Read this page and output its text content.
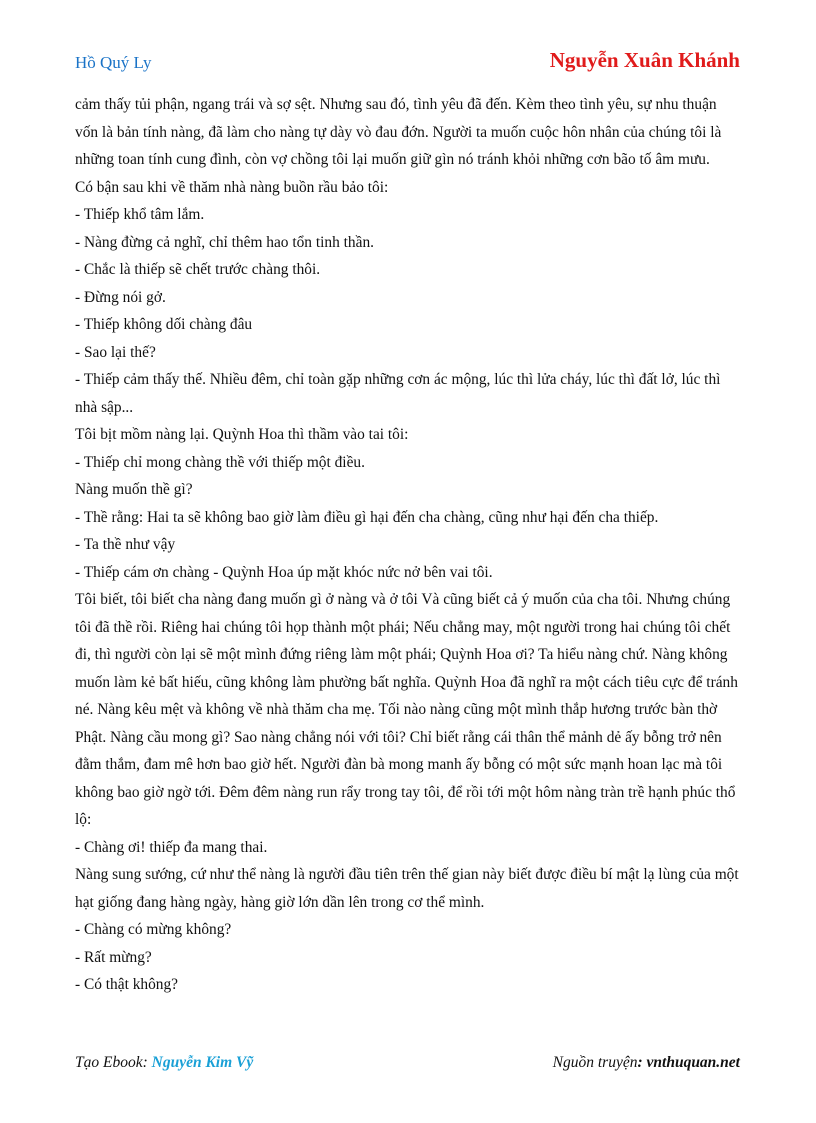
Hồ Quý Ly	Nguyễn Xuân Khánh

cảm thấy tủi phận, ngang trái và sợ sệt. Nhưng sau đó, tình yêu đã đến. Kèm theo tình yêu, sự nhu thuận vốn là bản tính nàng, đã làm cho nàng tự dày vò đau đớn. Người ta muốn cuộc hôn nhân của chúng tôi là những toan tính cung đình, còn vợ chồng tôi lại muốn giữ gìn nó tránh khỏi những cơn bão tố âm mưu.

Có bận sau khi về thăm nhà nàng buồn rầu bảo tôi:

- Thiếp khổ tâm lắm.

- Nàng đừng cả nghĩ, chỉ thêm hao tổn tinh thần.

- Chắc là thiếp sẽ chết trước chàng thôi.

- Đừng nói gở.

- Thiếp không dối chàng đâu

- Sao lại thế?

- Thiếp cảm thấy thế. Nhiều đêm, chỉ toàn gặp những cơn ác mộng, lúc thì lửa cháy, lúc thì đất lở, lúc thì nhà sập...

Tôi bịt mồm nàng lại. Quỳnh Hoa thì thầm vào tai tôi:

- Thiếp chỉ mong chàng thề với thiếp một điều.

Nàng muốn thề gì?

- Thề rằng: Hai ta sẽ không bao giờ làm điều gì hại đến cha chàng, cũng như hại đến cha thiếp.

- Ta thề như vậy

- Thiếp cám ơn chàng - Quỳnh Hoa úp mặt khóc nức nở bên vai tôi.

Tôi biết, tôi biết cha nàng đang muốn gì ở nàng và ở tôi Và cũng biết cả ý muốn của cha tôi. Nhưng chúng tôi đã thề rồi. Riêng hai chúng tôi họp thành một phái; Nếu chẳng may, một người trong hai chúng tôi chết đi, thì người còn lại sẽ một mình đứng riêng làm một phái; Quỳnh Hoa ơi? Ta hiểu nàng chứ. Nàng không muốn làm kẻ bất hiếu, cũng không làm phường bất nghĩa. Quỳnh Hoa đã nghĩ ra một cách tiêu cực để tránh né. Nàng kêu mệt và không về nhà thăm cha mẹ. Tối nào nàng cũng một mình thắp hương trước bàn thờ Phật. Nàng cầu mong gì? Sao nàng chẳng nói với tôi? Chỉ biết rằng cái thân thể mảnh dẻ ấy bỗng trở nên đằm thắm, đam mê hơn bao giờ hết. Người đàn bà mong manh ấy bỗng có một sức mạnh hoan lạc mà tôi không bao giờ ngờ tới. Đêm đêm nàng run rẩy trong tay tôi, để rồi tới một hôm nàng tràn trề hạnh phúc thổ lộ:

- Chàng ơi! thiếp đa mang thai.

Nàng sung sướng, cứ như thể nàng là người đầu tiên trên thế gian này biết được điều bí mật lạ lùng của một hạt giống đang hàng ngày, hàng giờ lớn dần lên trong cơ thể mình.

- Chàng có mừng không?

- Rất mừng?

- Có thật không?

Tạo Ebook: Nguyễn Kim Vỹ	Nguồn truyện: vnthuquan.net
